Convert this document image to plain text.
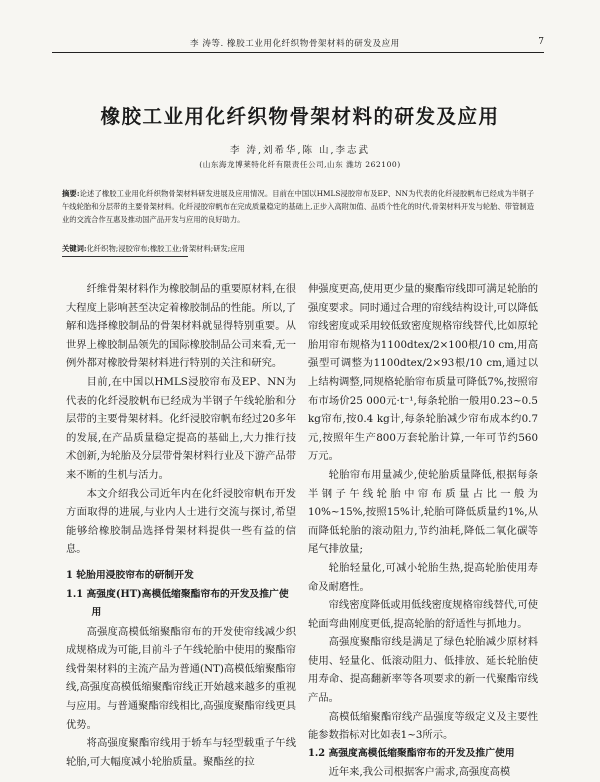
李 涛等. 橡胶工业用化纤织物骨架材料的研发及应用	7
橡胶工业用化纤织物骨架材料的研发及应用
李 涛,刘希华,陈 山,李志武
(山东海龙博莱特化纤有限责任公司,山东 潍坊 262100)
摘要:论述了橡胶工业用化纤织物骨架材料研发进展及应用情况。目前在中国以HMLS浸胶帘布及EP、NN为代表的化纤浸胶帆布已经成为半钢子午线轮胎和分层带的主要骨架材料。化纤浸胶帘帆布在完成质量稳定的基础上,正步入高附加值、品质个性化的时代,骨架材料开发与轮胎、带管制造业的交流合作互惠及推动国产品开发与应用的良好助力。
关键词:化纤织物;浸胶帘布;橡胶工业;骨架材料;研发;应用

纤维骨架材料作为橡胶制品的重要原材料,在很大程度上影响甚至决定着橡胶制品的性能。所以,了解和选择橡胶制品的骨架材料就显得特别重要。从世界上橡胶制品领先的国际橡胶制品公司来看,无一例外都对橡胶骨架材料进行特别的关注和研究。

目前,在中国以HMLS浸胶帘布及EP、NN为代表的化纤浸胶帆布已经成为半钢子午线轮胎和分层带的主要骨架材料。化纤浸胶帘帆布经过20多年的发展,在产品质量稳定提高的基础上,大力推行技术创新,为轮胎及分层带骨架材料行业及下游产品带来不断的生机与活力。

本文介绍我公司近年内在化纤浸胶帘帆布开发方面取得的进展,与业内人士进行交流与探讨,希望能够给橡胶制品选择骨架材料提供一些有益的信息。

1 轮胎用浸胶帘布的研制开发
1.1 高强度(HT)高模低缩聚酯帘布的开发及推广使用

高强度高模低缩聚酯帘布的开发使帘线减少织成规格成为可能,目前斗子午线轮胎中使用的聚酯帘线骨架材料的主流产品为普通(NT)高模低缩聚酯帘线,高强度高模低缩聚酯帘线正开始越来越多的重视与应用。与普通聚酯帘线相比,高强度聚酯帘线更具优势。

将高强度聚酯帘线用于轿车与轻型载重子午线轮胎,可大幅度减小轮胎质量。聚酯丝的拉

伸强度更高,使用更少量的聚酯帘线即可满足轮胎的强度要求。同时通过合理的帘线结构设计,可以降低帘线密度或采用较低致密度规格帘线替代,比如原轮胎用帘布规格为1100dtex/2×100根/10 cm,用高强型可调整为1100dtex/2×93根/10 cm,通过以上结构调整,同规格轮胎帘布质量可降低7%,按照帘布市场价25 000元·t⁻¹,每条轮胎一般用0.23~0.5 kg帘布,按0.4 kg计,每条轮胎减少帘布成本约0.7元,按照年生产800万套轮胎计算,一年可节约560万元。

轮胎帘布用量减少,使轮胎质量降低,根据每条半钢子午线轮胎中帘布质量占比一般为10%~15%,按照15%计,轮胎可降低质量约1%,从而降低轮胎的滚动阻力,节约油耗,降低二氧化碳等尾气排放量;

轮胎轻量化,可减小轮胎生热,提高轮胎使用寿命及耐磨性。

帘线密度降低或用低线密度规格帘线替代,可使轮面弯曲刚度更低,提高轮胎的舒适性与抓地力。

高强度聚酯帘线是满足了绿色轮胎减少原材料使用、轻量化、低滚动阻力、低排放、延长轮胎使用寿命、提高翻新率等各项要求的新一代聚酯帘线产品。

高模低缩聚酯帘线产品强度等级定义及主要性能参数指标对比如表1~3所示。

1.2 高强度高模低缩聚酯帘布的开发及推广使用

近年来,我公司根据客户需求,高强度高模
